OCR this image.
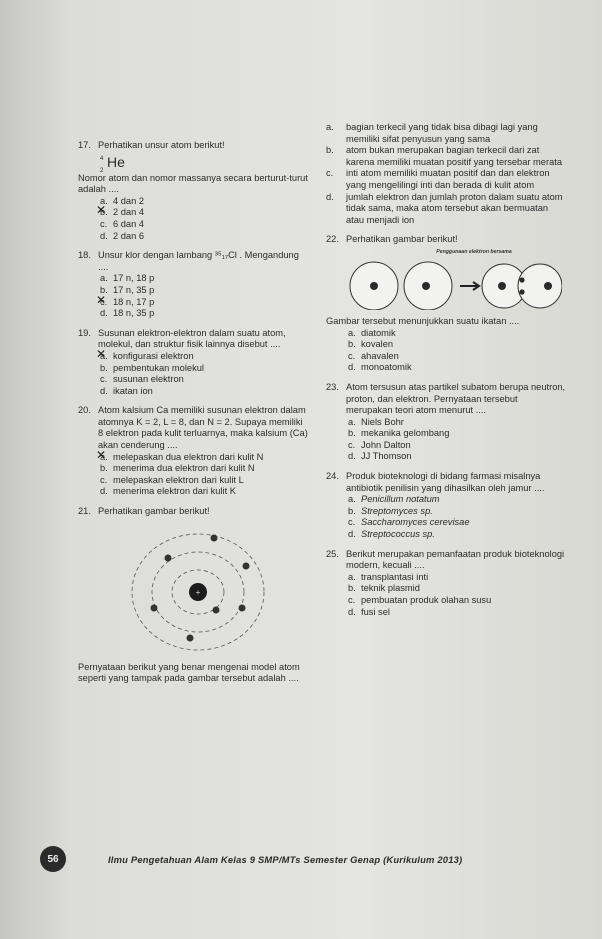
17. Perhatikan unsur atom berikut!
4 He
2
Nomor atom dan nomor massanya secara berturut-turut adalah ....
a. 4 dan 2
b. ✕ 2 dan 4
c. 6 dan 4
d. 2 dan 6
18. Unsur klor dengan lambang ³⁵₁₇Cl . Mengandung ....
a. 17 n, 18 p
b. 17 n, 35 p
c. ✕ 18 n, 17 p
d. 18 n, 35 p
19. Susunan elektron-elektron dalam suatu atom, molekul, dan struktur fisik lainnya disebut ....
a. ✕ konfigurasi elektron
b. pembentukan molekul
c. susunan elektron
d. ikatan ion
20. Atom kalsium Ca memiliki susunan elektron dalam atomnya K = 2, L = 8, dan N = 2. Supaya memiliki 8 elektron pada kulit terluarnya, maka kalsium (Ca) akan cenderung ....
a. ✕ melepaskan dua elektron dari kulit N
b. menerima dua elektron dari kulit N
c. melepaskan elektron dari kulit L
d. menerima elektron dari kulit K
21. Perhatikan gambar berikut!
+
Pernyataan berikut yang benar mengenai model atom seperti yang tampak pada gambar tersebut adalah ....
a.	bagian terkecil yang tidak bisa dibagi lagi yang memiliki sifat penyusun yang sama
b.	atom bukan merupakan bagian terkecil dari zat karena memiliki muatan positif yang tersebar merata
c.	inti atom memiliki muatan positif dan dan elektron yang mengelilingi inti dan berada di kulit atom
d.	jumlah elektron dan jumlah proton dalam suatu atom tidak sama, maka atom tersebut akan bermuatan atau menjadi ion
22. Perhatikan gambar berikut!
Penggunaan elektron bersama
Gambar tersebut menunjukkan suatu ikatan ....
a. diatomik
b. kovalen
c. ahavalen
d. monoatomik
23. Atom tersusun atas partikel subatom berupa neutron, proton, dan elektron. Pernyataan tersebut merupakan teori atom menurut ....
a. Niels Bohr
b. mekanika gelombang
c. John Dalton
d. JJ Thomson
24. Produk bioteknologi di bidang farmasi misalnya antibiotik penilisin yang dihasilkan oleh jamur ....
a. Penicillum notatum
b. Streptomyces sp.
c. Saccharomyces cerevisae
d. Streptococcus sp.
25. Berikut merupakan pemanfaatan produk bioteknologi modern, kecuali ....
a. transplantasi inti
b. teknik plasmid
c. pembuatan produk olahan susu
d. fusi sel
56	Ilmu Pengetahuan Alam Kelas 9 SMP/MTs Semester Genap (Kurikulum 2013)
